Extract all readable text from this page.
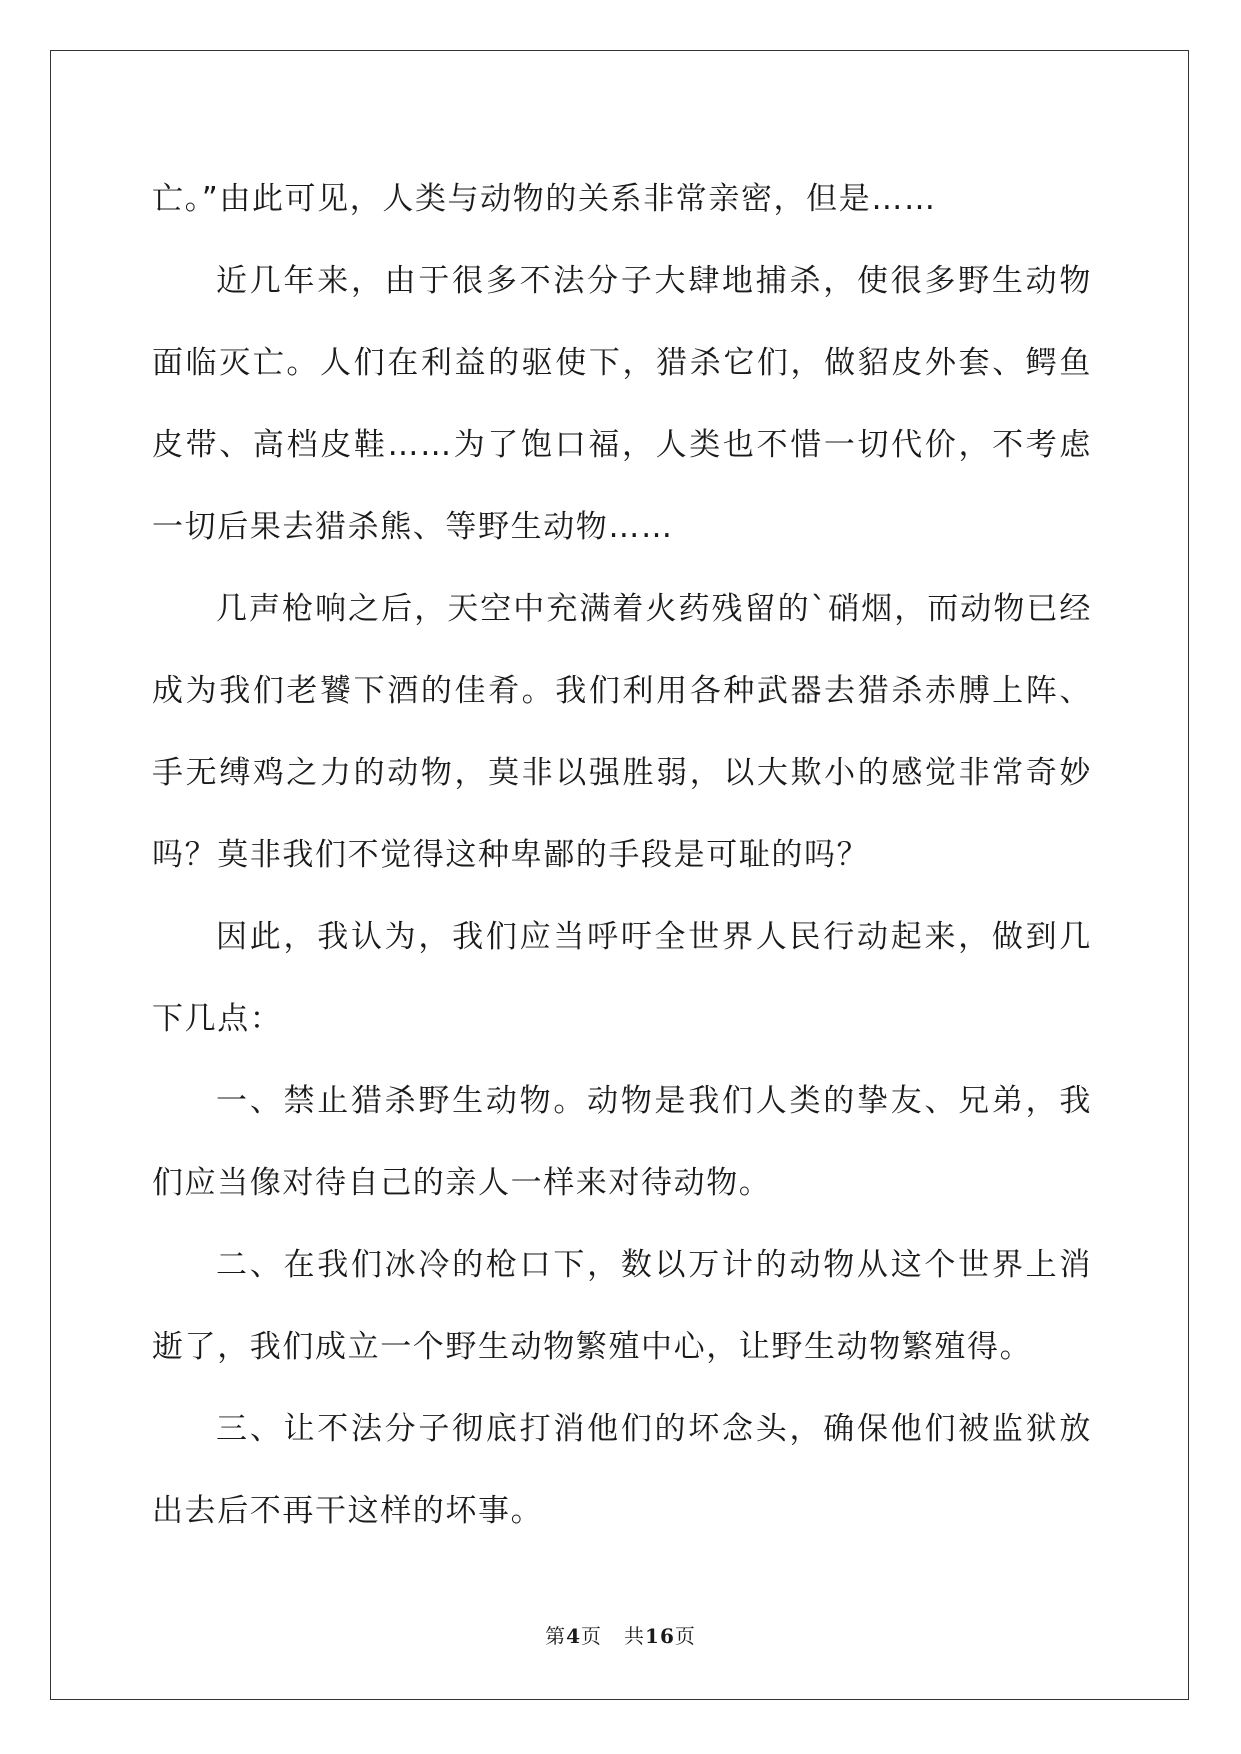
亡。”由此可见，人类与动物的关系非常亲密，但是……

近几年来，由于很多不法分子大肆地捕杀，使很多野生动物面临灭亡。人们在利益的驱使下，猎杀它们，做貂皮外套、鳄鱼皮带、高档皮鞋……为了饱口福，人类也不惜一切代价，不考虑一切后果去猎杀熊、等野生动物……

几声枪响之后，天空中充满着火药残留的`硝烟，而动物已经成为我们老饕下酒的佳肴。我们利用各种武器去猎杀赤膊上阵、手无缚鸡之力的动物，莫非以强胜弱，以大欺小的感觉非常奇妙吗？莫非我们不觉得这种卑鄙的手段是可耻的吗？

因此，我认为，我们应当呼吁全世界人民行动起来，做到几下几点：

一、禁止猎杀野生动物。动物是我们人类的挚友、兄弟，我们应当像对待自己的亲人一样来对待动物。

二、在我们冰冷的枪口下，数以万计的动物从这个世界上消逝了，我们成立一个野生动物繁殖中心，让野生动物繁殖得。

三、让不法分子彻底打消他们的坏念头，确保他们被监狱放出去后不再干这样的坏事。

第4页 共16页
